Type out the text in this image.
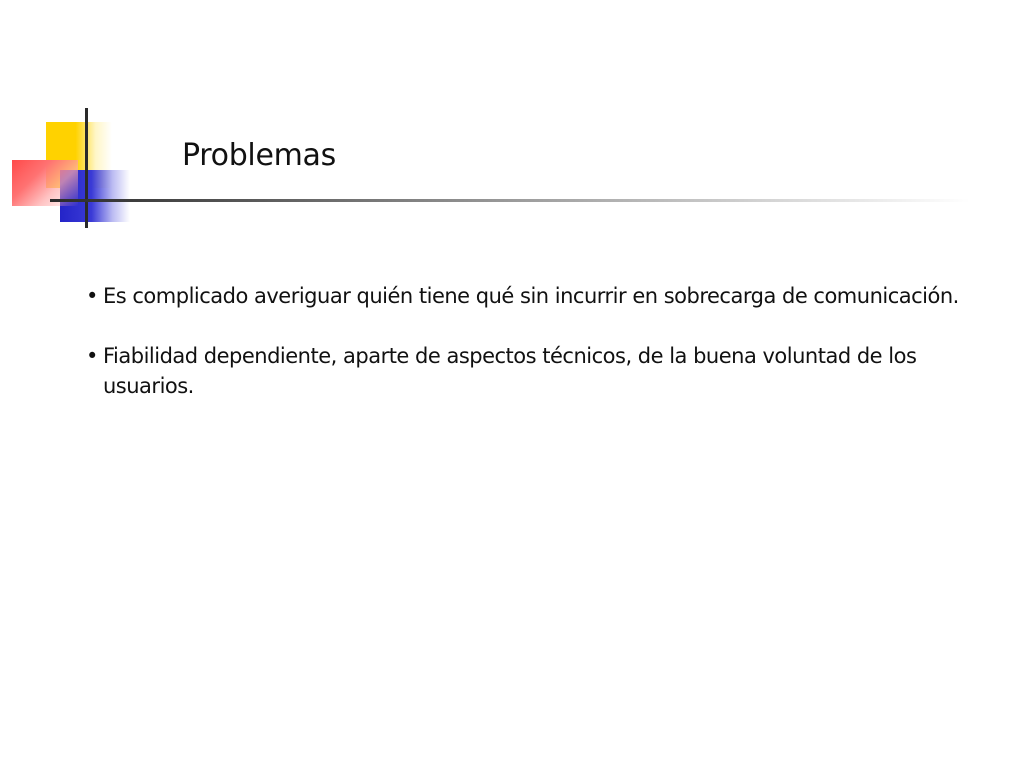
Problemas
• Es complicado averiguar quién tiene qué sin incurrir en sobrecarga de comunicación.
• Fiabilidad dependiente, aparte de aspectos técnicos, de la buena voluntad de los usuarios.
